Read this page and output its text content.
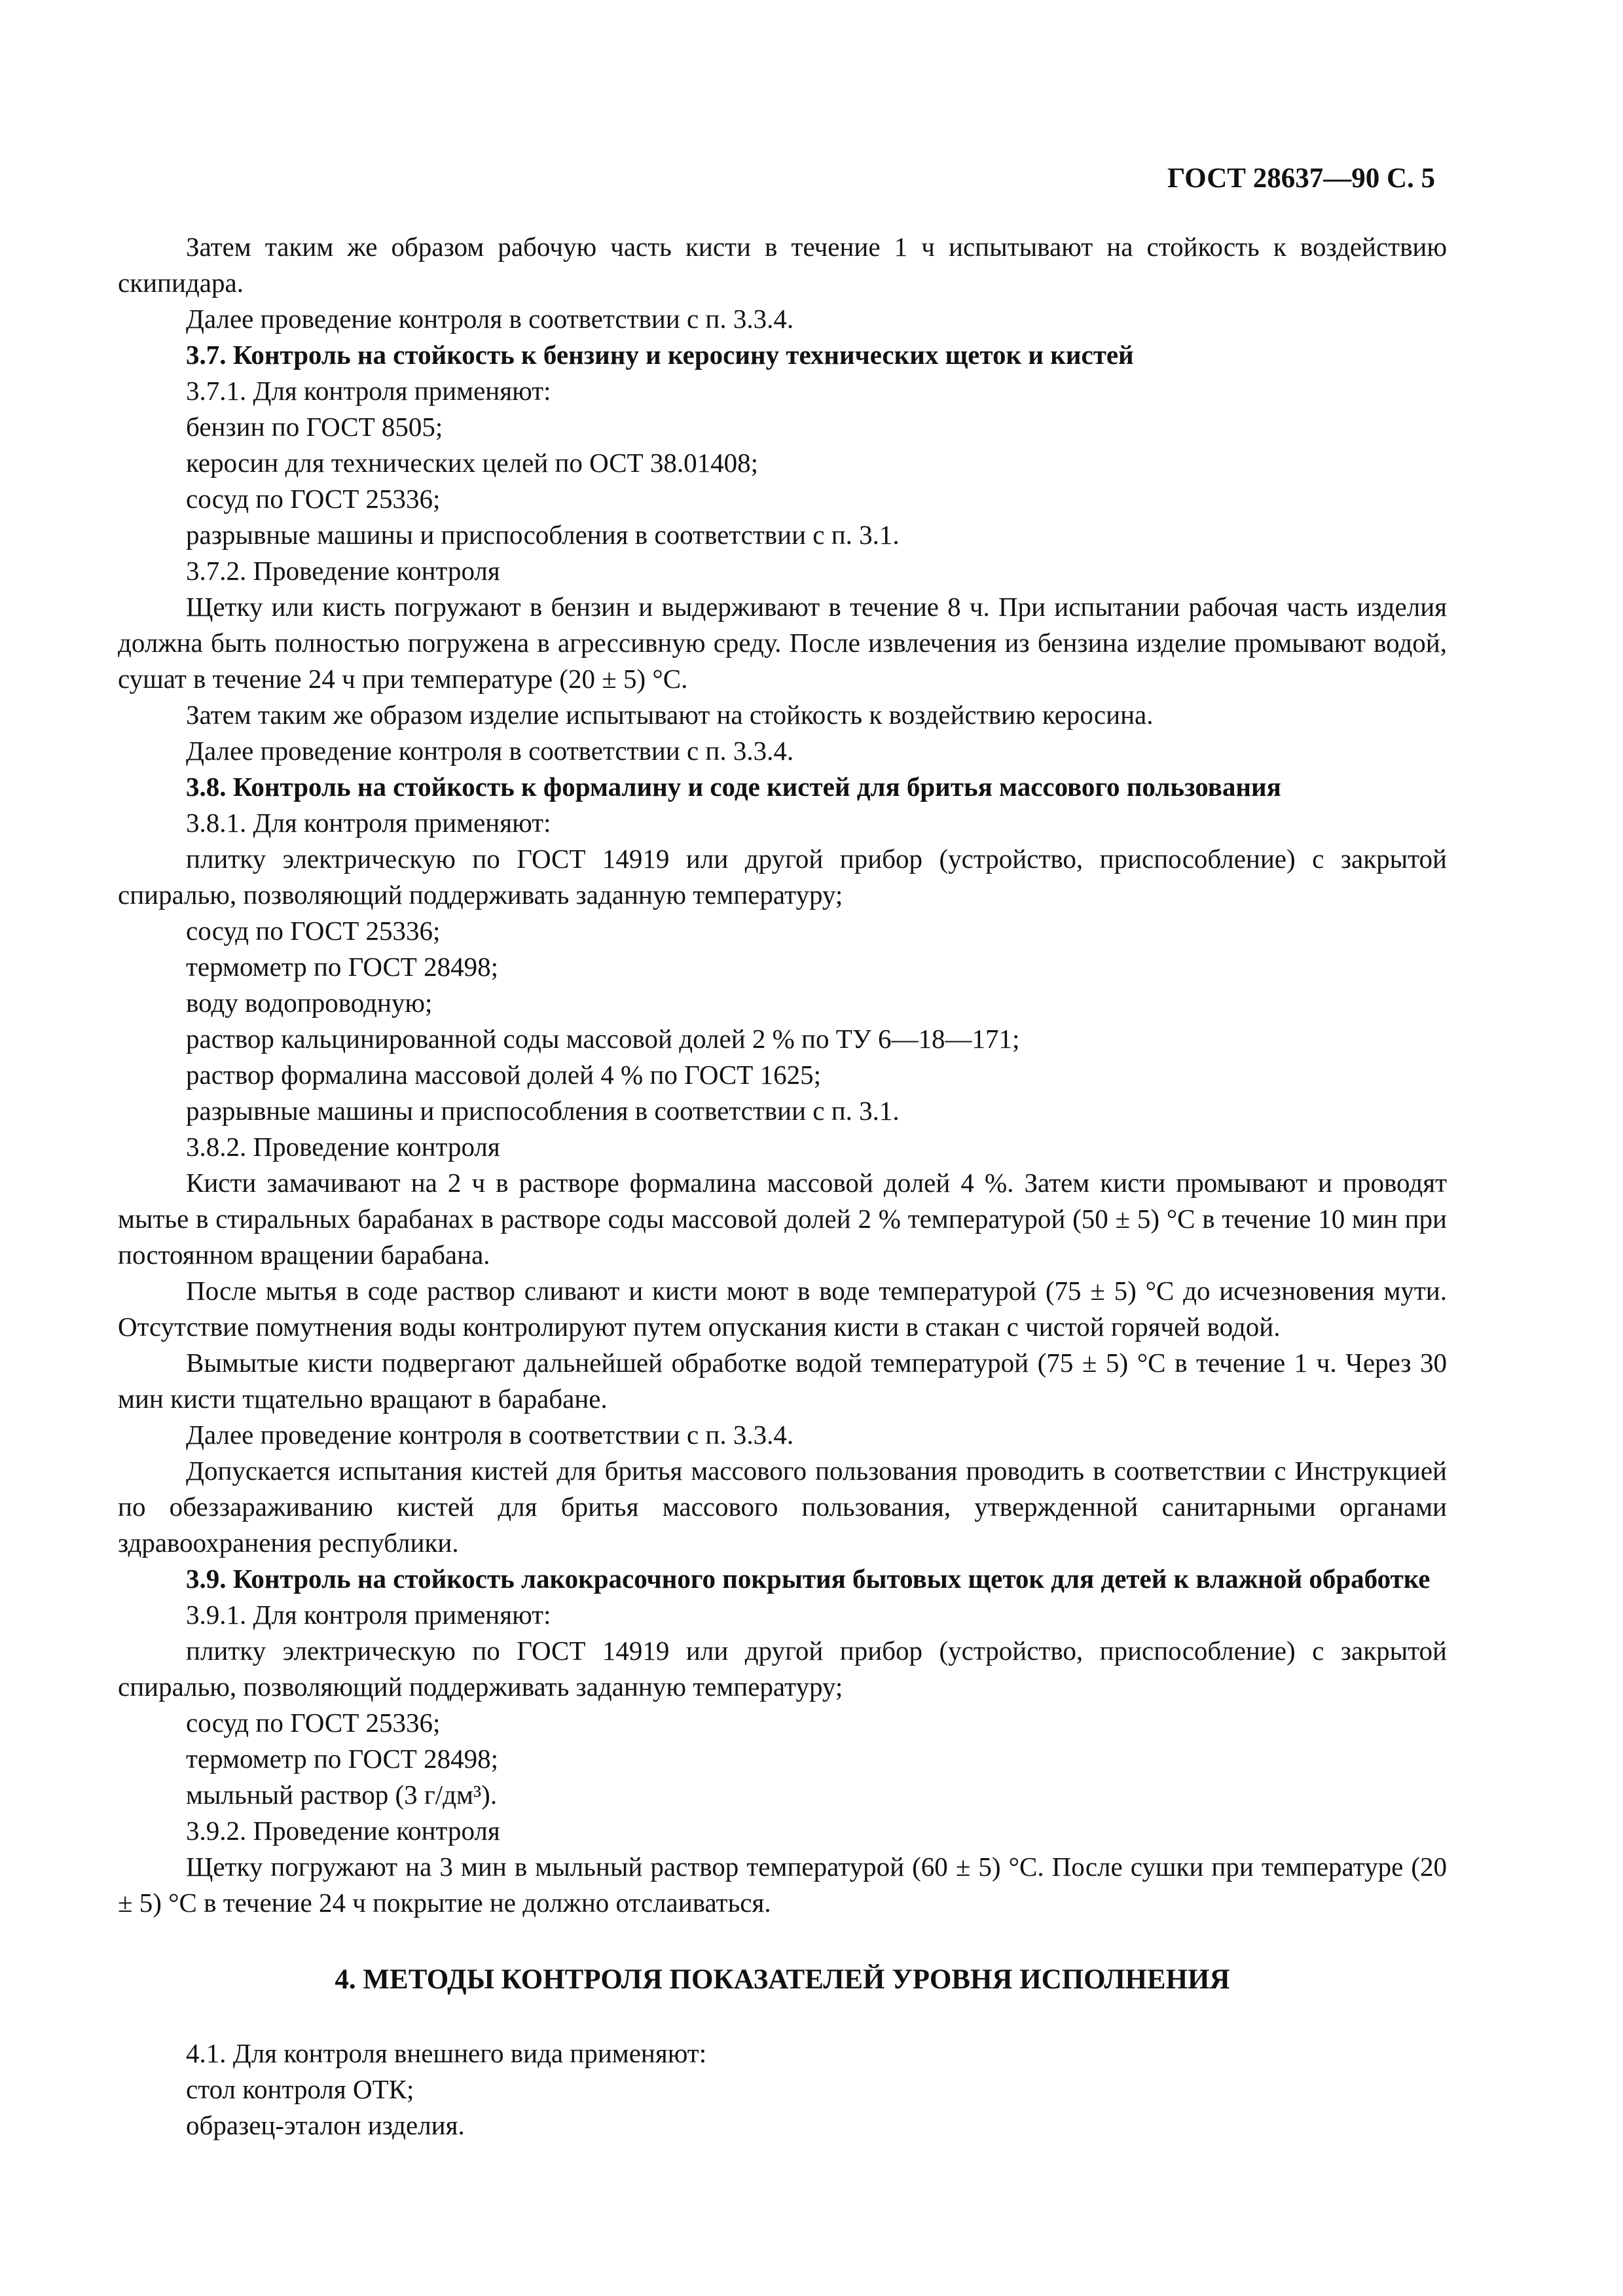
ГОСТ 28637—90 С. 5

Затем таким же образом рабочую часть кисти в течение 1 ч испытывают на стойкость к воздействию скипидара.

Далее проведение контроля в соответствии с п. 3.3.4.

3.7. Контроль на стойкость к бензину и керосину технических щеток и кистей

3.7.1. Для контроля применяют:

бензин по ГОСТ 8505;

керосин для технических целей по ОСТ 38.01408;

сосуд по ГОСТ 25336;

разрывные машины и приспособления в соответствии с п. 3.1.

3.7.2. Проведение контроля

Щетку или кисть погружают в бензин и выдерживают в течение 8 ч. При испытании рабочая часть изделия должна быть полностью погружена в агрессивную среду. После извлечения из бензина изделие промывают водой, сушат в течение 24 ч при температуре (20 ± 5) °С.

Затем таким же образом изделие испытывают на стойкость к воздействию керосина.

Далее проведение контроля в соответствии с п. 3.3.4.

3.8. Контроль на стойкость к формалину и соде кистей для бритья массового пользования

3.8.1. Для контроля применяют:

плитку электрическую по ГОСТ 14919 или другой прибор (устройство, приспособление) с закрытой спиралью, позволяющий поддерживать заданную температуру;

сосуд по ГОСТ 25336;

термометр по ГОСТ 28498;

воду водопроводную;

раствор кальцинированной соды массовой долей 2 % по ТУ 6—18—171;

раствор формалина массовой долей 4 % по ГОСТ 1625;

разрывные машины и приспособления в соответствии с п. 3.1.

3.8.2. Проведение контроля

Кисти замачивают на 2 ч в растворе формалина массовой долей 4 %. Затем кисти промывают и проводят мытье в стиральных барабанах в растворе соды массовой долей 2 % температурой (50 ± 5) °С в течение 10 мин при постоянном вращении барабана.

После мытья в соде раствор сливают и кисти моют в воде температурой (75 ± 5) °С до исчезновения мути. Отсутствие помутнения воды контролируют путем опускания кисти в стакан с чистой горячей водой.

Вымытые кисти подвергают дальнейшей обработке водой температурой (75 ± 5) °С в течение 1 ч. Через 30 мин кисти тщательно вращают в барабане.

Далее проведение контроля в соответствии с п. 3.3.4.

Допускается испытания кистей для бритья массового пользования проводить в соответствии с Инструкцией по обеззараживанию кистей для бритья массового пользования, утвержденной санитарными органами здравоохранения республики.

3.9. Контроль на стойкость лакокрасочного покрытия бытовых щеток для детей к влажной обработке

3.9.1. Для контроля применяют:

плитку электрическую по ГОСТ 14919 или другой прибор (устройство, приспособление) с закрытой спиралью, позволяющий поддерживать заданную температуру;

сосуд по ГОСТ 25336;

термометр по ГОСТ 28498;

мыльный раствор (3 г/дм³).

3.9.2. Проведение контроля

Щетку погружают на 3 мин в мыльный раствор температурой (60 ± 5) °С. После сушки при температуре (20 ± 5) °С в течение 24 ч покрытие не должно отслаиваться.

4. МЕТОДЫ КОНТРОЛЯ ПОКАЗАТЕЛЕЙ УРОВНЯ ИСПОЛНЕНИЯ

4.1. Для контроля внешнего вида применяют:

стол контроля ОТК;

образец-эталон изделия.
